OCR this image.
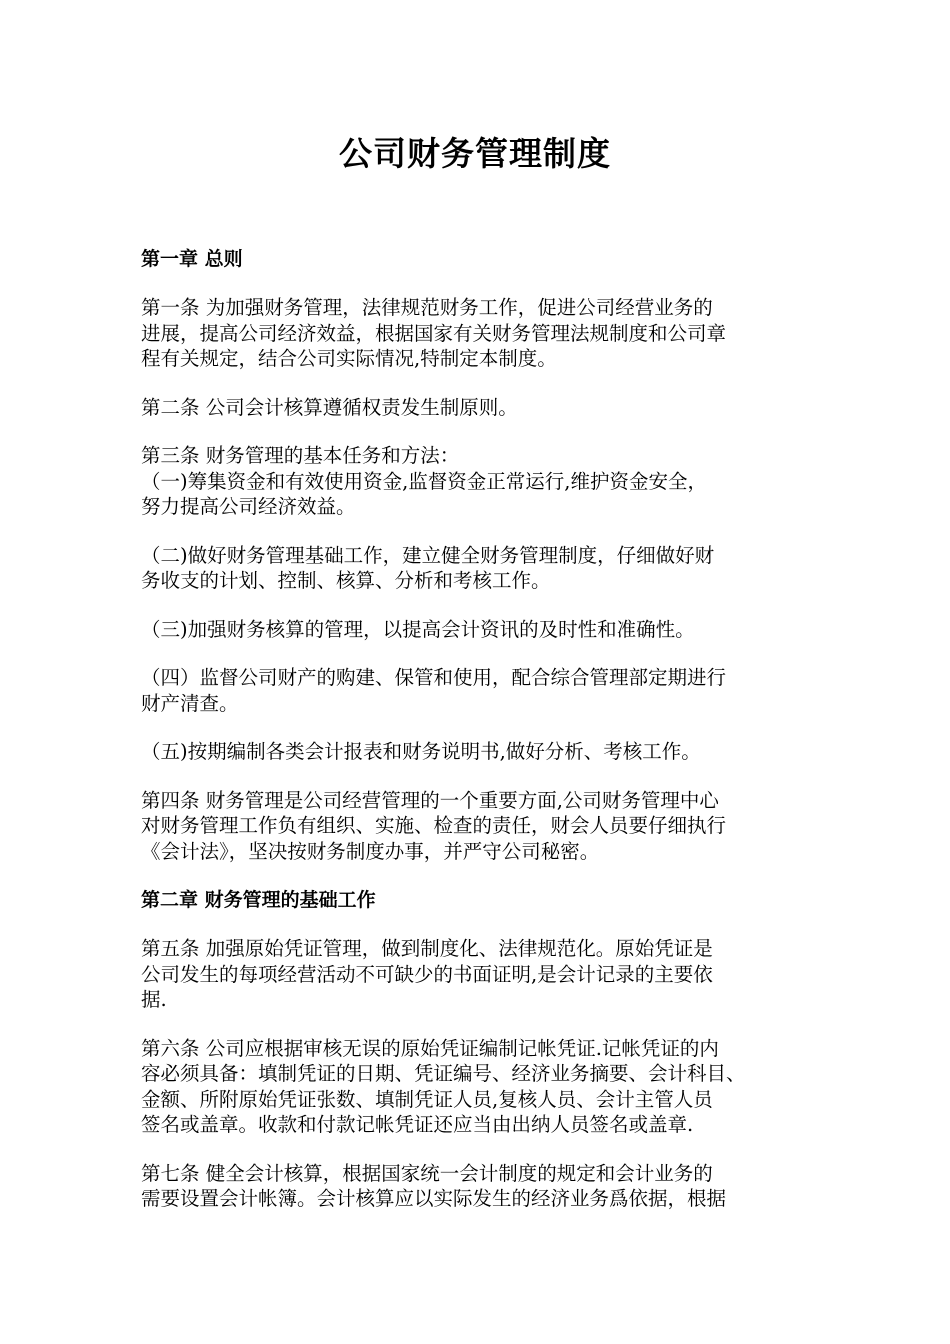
公司财务管理制度
第一章 总则
第一条 为加强财务管理，法律规范财务工作，促进公司经营业务的
进展，提高公司经济效益，根据国家有关财务管理法规制度和公司章
程有关规定，结合公司实际情况,特制定本制度。
第二条 公司会计核算遵循权责发生制原则。
第三条 财务管理的基本任务和方法：
（一)筹集资金和有效使用资金,监督资金正常运行,维护资金安全，
努力提高公司经济效益。
（二)做好财务管理基础工作，建立健全财务管理制度，仔细做好财
务收支的计划、控制、核算、分析和考核工作。
（三)加强财务核算的管理，以提高会计资讯的及时性和准确性。
（四）监督公司财产的购建、保管和使用，配合综合管理部定期进行
财产清查。
（五)按期编制各类会计报表和财务说明书,做好分析、考核工作。
第四条 财务管理是公司经营管理的一个重要方面,公司财务管理中心
对财务管理工作负有组织、实施、检查的责任，财会人员要仔细执行
《会计法》，坚决按财务制度办事，并严守公司秘密。
第二章 财务管理的基础工作
第五条 加强原始凭证管理，做到制度化、法律规范化。原始凭证是
公司发生的每项经营活动不可缺少的书面证明,是会计记录的主要依
据.
第六条 公司应根据审核无误的原始凭证编制记帐凭证.记帐凭证的内
容必须具备：填制凭证的日期、凭证编号、经济业务摘要、会计科目、
金额、所附原始凭证张数、填制凭证人员,复核人员、会计主管人员
签名或盖章。收款和付款记帐凭证还应当由出纳人员签名或盖章.
第七条 健全会计核算，根据国家统一会计制度的规定和会计业务的
需要设置会计帐簿。会计核算应以实际发生的经济业务爲依据，根据
